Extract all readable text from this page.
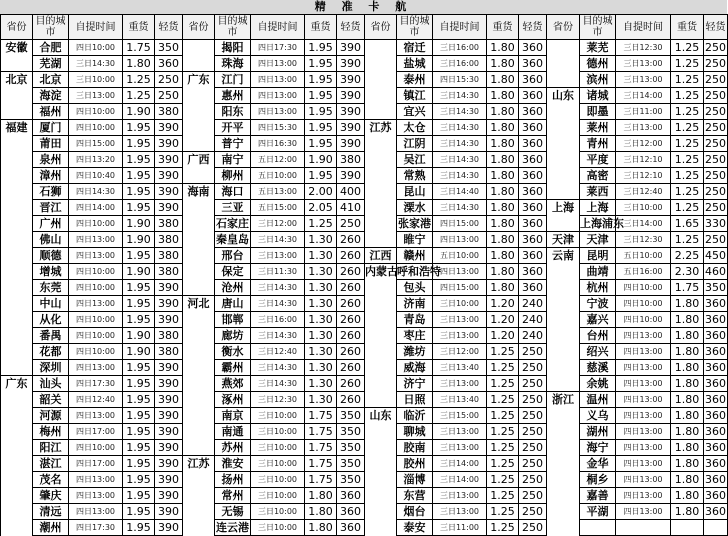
精 准 卡 航
省份	目的城市	自提时间	重货	轻货
安徽	合肥	四日10:00	1.75	350
	芜湖	三日14:30	1.80	360
北京	北京	三日10:00	1.25	250
	海淀	三日13:00	1.25	250
	福州	四日10:00	1.90	380
福建	厦门	四日10:00	1.95	390
	莆田	四日15:00	1.95	390
	泉州	四日13:20	1.95	390
	漳州	四日10:40	1.95	390
	石狮	四日14:30	1.95	390
	晋江	四日14:00	1.95	390
	广州	四日10:00	1.90	380
	佛山	四日13:00	1.90	380
	顺德	四日13:00	1.95	380
	增城	四日10:00	1.90	380
	东莞	四日10:00	1.95	390
	中山	四日13:00	1.95	390
	从化	四日10:00	1.95	390
	番禺	四日10:00	1.90	380
	花都	四日10:00	1.90	380
	深圳	四日13:00	1.95	390
广东	汕头	四日17:30	1.95	390
	韶关	四日12:40	1.95	390
	河源	四日13:00	1.95	390
	梅州	四日17:00	1.95	390
	阳江	四日10:00	1.95	390
	湛江	四日17:00	1.95	390
	茂名	四日13:00	1.95	390
	肇庆	四日13:00	1.95	390
	清远	四日13:00	1.95	390
	潮州	四日17:30	1.95	390
省份	目的城市	自提时间	重货	轻货
	揭阳	四日17:30	1.95	390
	珠海	四日13:00	1.95	390
广东	江门	四日13:00	1.95	390
	惠州	四日13:00	1.95	390
	阳东	四日13:00	1.95	390
	开平	四日15:30	1.95	390
	普宁	四日16:30	1.95	390
广西	南宁	五日12:00	1.90	380
	柳州	五日10:00	1.95	390
海南	海口	五日13:00	2.00	400
	三亚	五日15:00	2.05	410
	石家庄	三日12:00	1.25	250
	秦皇岛	三日14:30	1.30	260
	邢台	三日13:00	1.30	260
	保定	三日11:30	1.30	260
	沧州	三日14:30	1.30	260
河北	唐山	三日14:30	1.30	260
	邯郸	三日16:00	1.30	260
	廊坊	三日14:30	1.30	260
	衡水	三日12:40	1.30	260
	霸州	三日14:30	1.30	260
	燕郊	三日14:30	1.30	260
	涿州	三日12:30	1.30	260
	南京	三日10:00	1.75	350
	南通	三日10:00	1.75	350
	苏州	三日10:00	1.75	350
江苏	淮安	三日10:00	1.75	350
	扬州	三日10:00	1.75	350
	常州	三日10:00	1.80	360
	无锡	三日10:00	1.80	360
	连云港	三日10:00	1.80	360
省份	目的城市	自提时间	重货	轻货
	宿迁	三日16:00	1.80	360
	盐城	三日16:00	1.80	360
	泰州	四日15:30	1.80	360
	镇江	三日14:30	1.80	360
	宜兴	三日14:30	1.80	360
江苏	太仓	三日14:30	1.80	360
	江阴	三日14:30	1.80	360
	吴江	三日14:30	1.80	360
	常熟	三日14:30	1.80	360
	昆山	三日14:40	1.80	360
	溧水	三日14:30	1.80	360
	张家港	四日15:00	1.80	360
	睢宁	四日13:00	1.80	360
江西	赣州	五日10:00	1.80	360
内蒙古	呼和浩特	四日13:00	1.80	360
	包头	四日15:00	1.80	360
	济南	三日10:00	1.20	240
	青岛	三日13:00	1.20	240
	枣庄	三日13:00	1.20	240
	潍坊	三日12:00	1.25	250
	威海	三日13:40	1.25	250
	济宁	三日13:00	1.25	250
	日照	三日13:40	1.25	250
山东	临沂	三日15:00	1.25	250
	聊城	三日13:00	1.25	250
	胶南	三日13:00	1.25	250
	胶州	三日14:00	1.25	250
	淄博	三日14:00	1.25	250
	东营	三日13:00	1.25	250
	烟台	三日13:00	1.25	250
	泰安	三日11:00	1.25	250
省份	目的城市	自提时间	重货	轻货
	莱芜	三日12:30	1.25	250
	德州	三日13:00	1.25	250
	滨州	三日13:00	1.25	250
山东	诸城	三日14:00	1.25	250
	即墨	三日11:00	1.25	250
	莱州	三日13:00	1.25	250
	青州	三日12:00	1.25	250
	平度	三日12:10	1.25	250
	高密	三日12:10	1.25	250
	莱西	三日12:40	1.25	250
上海	上海	三日10:00	1.25	250
	上海浦东	三日14:00	1.65	330
天津	天津	三日12:30	1.25	250
云南	昆明	五日10:00	2.25	450
	曲靖	五日16:00	2.30	460
	杭州	四日10:00	1.75	350
	宁波	四日10:00	1.80	360
	嘉兴	四日10:00	1.80	360
	台州	四日13:00	1.80	360
	绍兴	四日13:00	1.80	360
	慈溪	四日13:00	1.80	360
	余姚	四日13:00	1.80	360
浙江	温州	四日13:00	1.80	360
	义乌	四日13:00	1.80	360
	湖州	四日13:00	1.80	360
	海宁	四日13:00	1.80	360
	金华	四日13:00	1.80	360
	桐乡	四日13:00	1.80	360
	嘉善	四日13:00	1.80	360
	平湖	四日13:00	1.80	360
